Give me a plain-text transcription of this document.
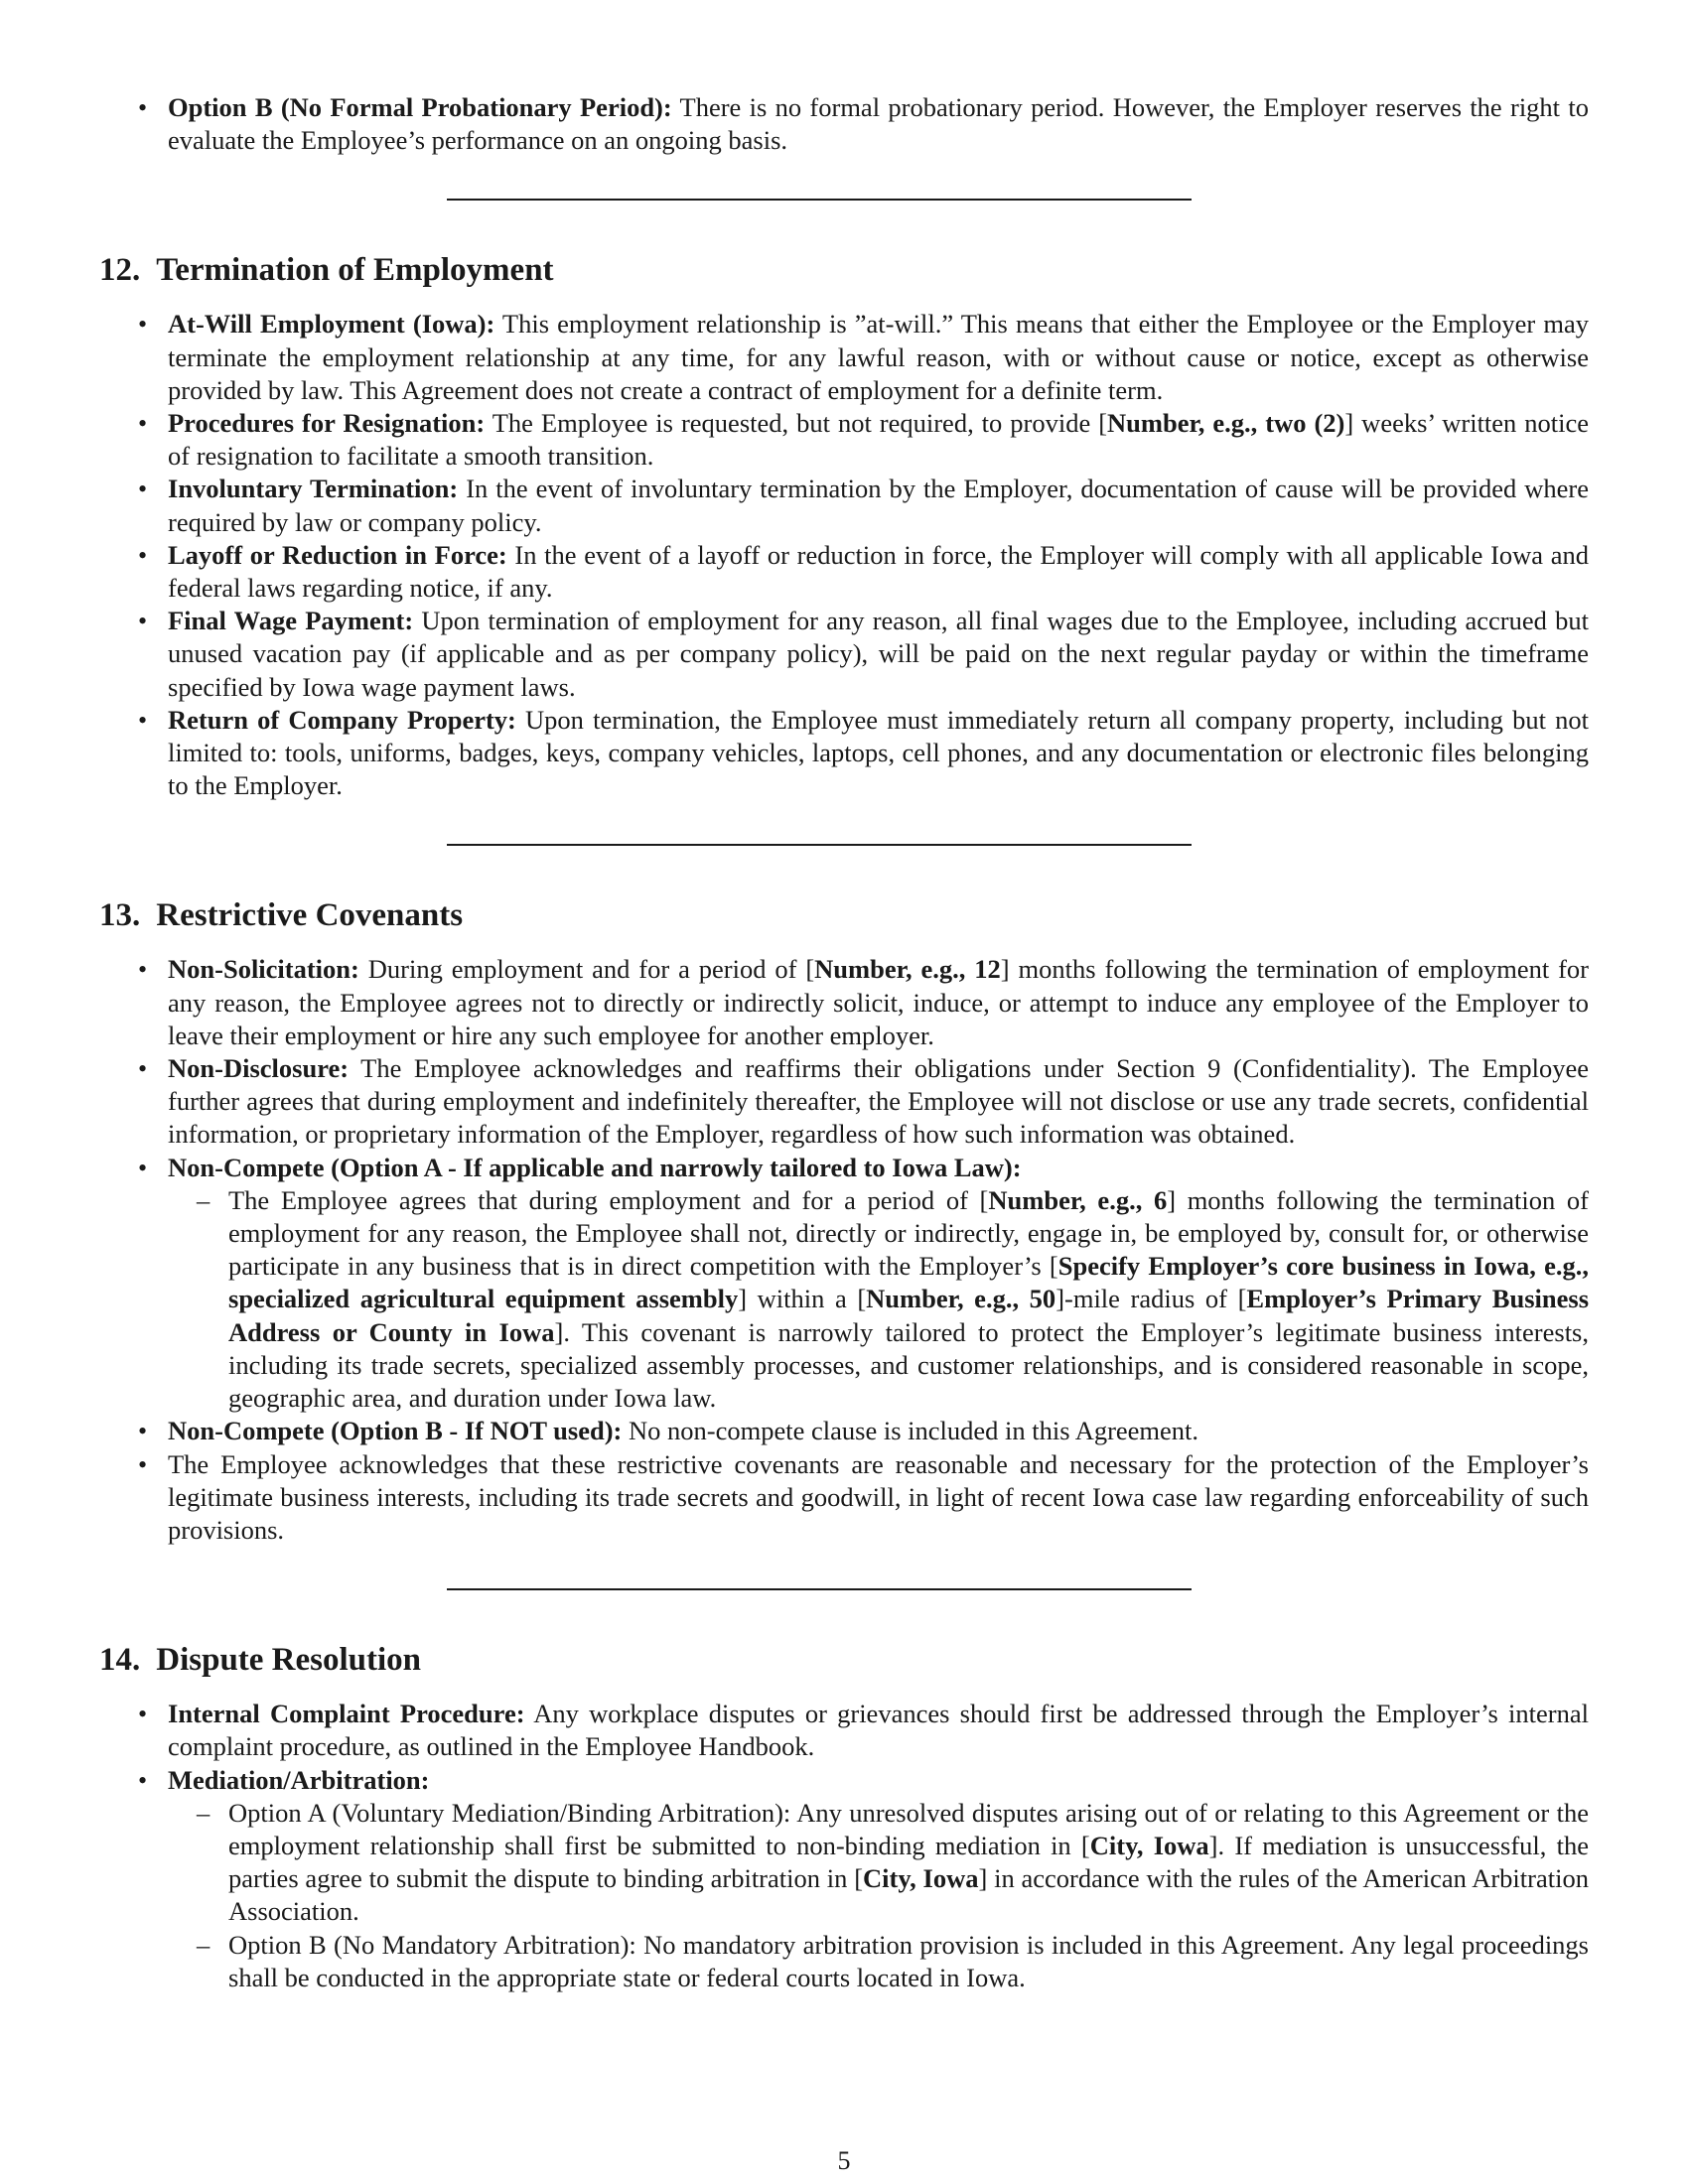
• Option B (No Formal Probationary Period): There is no formal probationary period. However, the Employer reserves the right to evaluate the Employee’s performance on an ongoing basis.
12. Termination of Employment
• At-Will Employment (Iowa): This employment relationship is ”at-will.” This means that either the Employee or the Employer may terminate the employment relationship at any time, for any lawful reason, with or without cause or notice, except as otherwise provided by law. This Agreement does not create a contract of employment for a definite term.
• Procedures for Resignation: The Employee is requested, but not required, to provide [Number, e.g., two (2)] weeks’ written notice of resignation to facilitate a smooth transition.
• Involuntary Termination: In the event of involuntary termination by the Employer, documentation of cause will be provided where required by law or company policy.
• Layoff or Reduction in Force: In the event of a layoff or reduction in force, the Employer will comply with all applicable Iowa and federal laws regarding notice, if any.
• Final Wage Payment: Upon termination of employment for any reason, all final wages due to the Employee, including accrued but unused vacation pay (if applicable and as per company policy), will be paid on the next regular payday or within the timeframe specified by Iowa wage payment laws.
• Return of Company Property: Upon termination, the Employee must immediately return all company property, including but not limited to: tools, uniforms, badges, keys, company vehicles, laptops, cell phones, and any documentation or electronic files belonging to the Employer.
13. Restrictive Covenants
• Non-Solicitation: During employment and for a period of [Number, e.g., 12] months following the termination of employment for any reason, the Employee agrees not to directly or indirectly solicit, induce, or attempt to induce any employee of the Employer to leave their employment or hire any such employee for another employer.
• Non-Disclosure: The Employee acknowledges and reaffirms their obligations under Section 9 (Confidentiality). The Employee further agrees that during employment and indefinitely thereafter, the Employee will not disclose or use any trade secrets, confidential information, or proprietary information of the Employer, regardless of how such information was obtained.
• Non-Compete (Option A - If applicable and narrowly tailored to Iowa Law):
– The Employee agrees that during employment and for a period of [Number, e.g., 6] months following the termination of employment for any reason, the Employee shall not, directly or indirectly, engage in, be employed by, consult for, or otherwise participate in any business that is in direct competition with the Employer’s [Specify Employer’s core business in Iowa, e.g., specialized agricultural equipment assembly] within a [Number, e.g., 50]-mile radius of [Employer’s Primary Business Address or County in Iowa]. This covenant is narrowly tailored to protect the Employer’s legitimate business interests, including its trade secrets, specialized assembly processes, and customer relationships, and is considered reasonable in scope, geographic area, and duration under Iowa law.
• Non-Compete (Option B - If NOT used): No non-compete clause is included in this Agreement.
• The Employee acknowledges that these restrictive covenants are reasonable and necessary for the protection of the Employer’s legitimate business interests, including its trade secrets and goodwill, in light of recent Iowa case law regarding enforceability of such provisions.
14. Dispute Resolution
• Internal Complaint Procedure: Any workplace disputes or grievances should first be addressed through the Employer’s internal complaint procedure, as outlined in the Employee Handbook.
• Mediation/Arbitration:
– Option A (Voluntary Mediation/Binding Arbitration): Any unresolved disputes arising out of or relating to this Agreement or the employment relationship shall first be submitted to non-binding mediation in [City, Iowa]. If mediation is unsuccessful, the parties agree to submit the dispute to binding arbitration in [City, Iowa] in accordance with the rules of the American Arbitration Association.
– Option B (No Mandatory Arbitration): No mandatory arbitration provision is included in this Agreement. Any legal proceedings shall be conducted in the appropriate state or federal courts located in Iowa.
5
